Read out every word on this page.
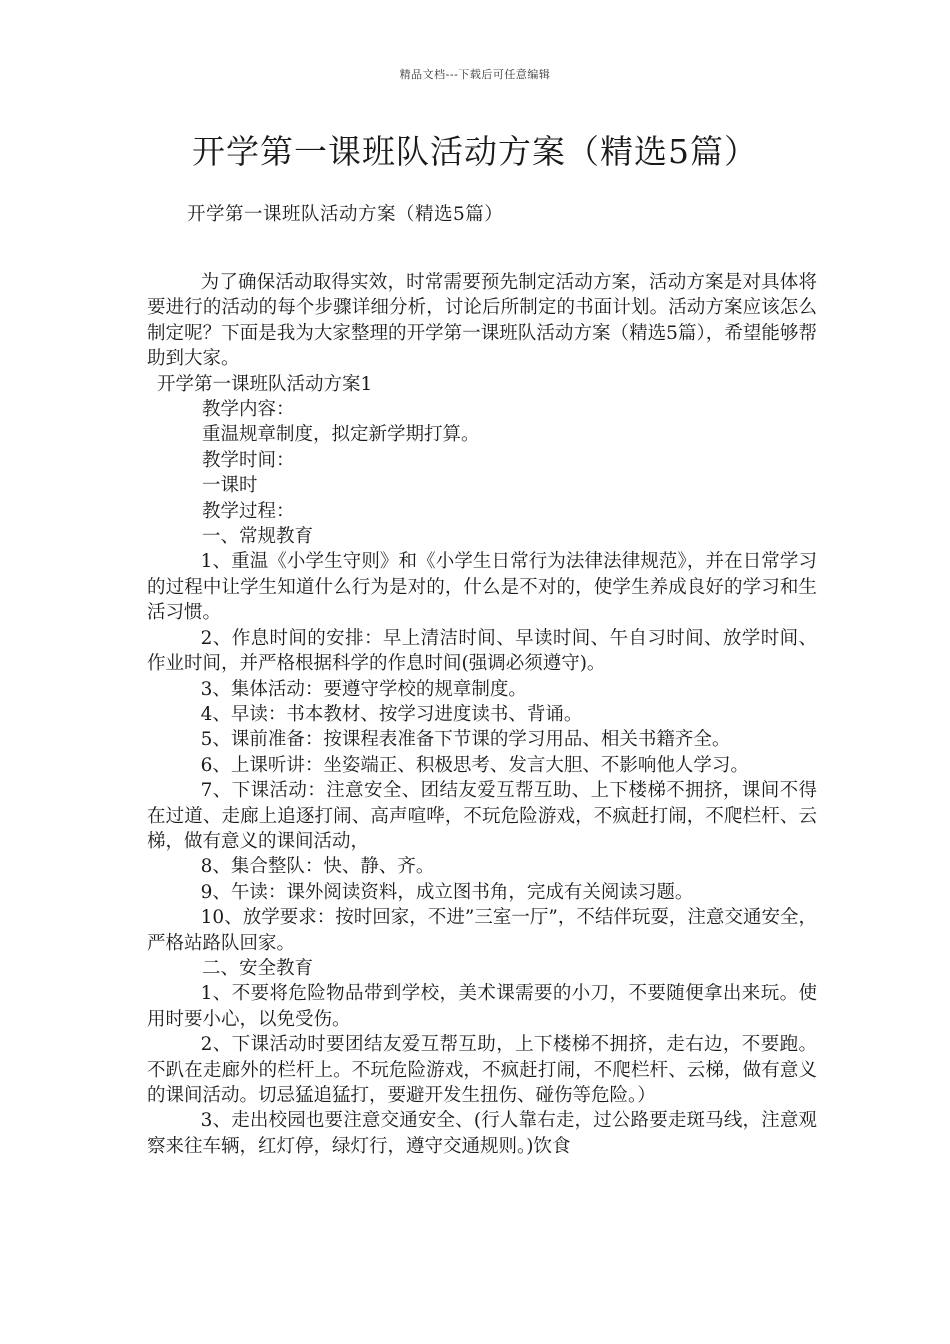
精品文档---下载后可任意编辑
开学第一课班队活动方案（精选5篇）
开学第一课班队活动方案（精选5篇）

为了确保活动取得实效，时常需要预先制定活动方案，活动方案是对具体将要进行的活动的每个步骤详细分析，讨论后所制定的书面计划。活动方案应该怎么制定呢？下面是我为大家整理的开学第一课班队活动方案（精选5篇），希望能够帮助到大家。

开学第一课班队活动方案1

教学内容：

重温规章制度，拟定新学期打算。

教学时间：

一课时

教学过程：

一、常规教育

1、重温《小学生守则》和《小学生日常行为法律法律规范》，并在日常学习的过程中让学生知道什么行为是对的，什么是不对的，使学生养成良好的学习和生活习惯。

2、作息时间的安排：早上清洁时间、早读时间、午自习时间、放学时间、作业时间，并严格根据科学的作息时间(强调必须遵守)。

3、集体活动：要遵守学校的规章制度。

4、早读：书本教材、按学习进度读书、背诵。

5、课前准备：按课程表准备下节课的学习用品、相关书籍齐全。

6、上课听讲：坐姿端正、积极思考、发言大胆、不影响他人学习。

7、下课活动：注意安全、团结友爱互帮互助、上下楼梯不拥挤，课间不得在过道、走廊上追逐打闹、高声喧哗，不玩危险游戏，不疯赶打闹，不爬栏杆、云梯，做有意义的课间活动，

8、集合整队：快、静、齐。

9、午读：课外阅读资料，成立图书角，完成有关阅读习题。

10、放学要求：按时回家，不进”三室一厅”，不结伴玩耍，注意交通安全，严格站路队回家。

二、安全教育

1、不要将危险物品带到学校，美术课需要的小刀，不要随便拿出来玩。使用时要小心，以免受伤。

2、下课活动时要团结友爱互帮互助，上下楼梯不拥挤，走右边，不要跑。不趴在走廊外的栏杆上。不玩危险游戏，不疯赶打闹，不爬栏杆、云梯，做有意义的课间活动。切忌猛追猛打，要避开发生扭伤、碰伤等危险。）

3、走出校园也要注意交通安全、(行人靠右走，过公路要走斑马线，注意观察来往车辆，红灯停，绿灯行，遵守交通规则。)饮食
